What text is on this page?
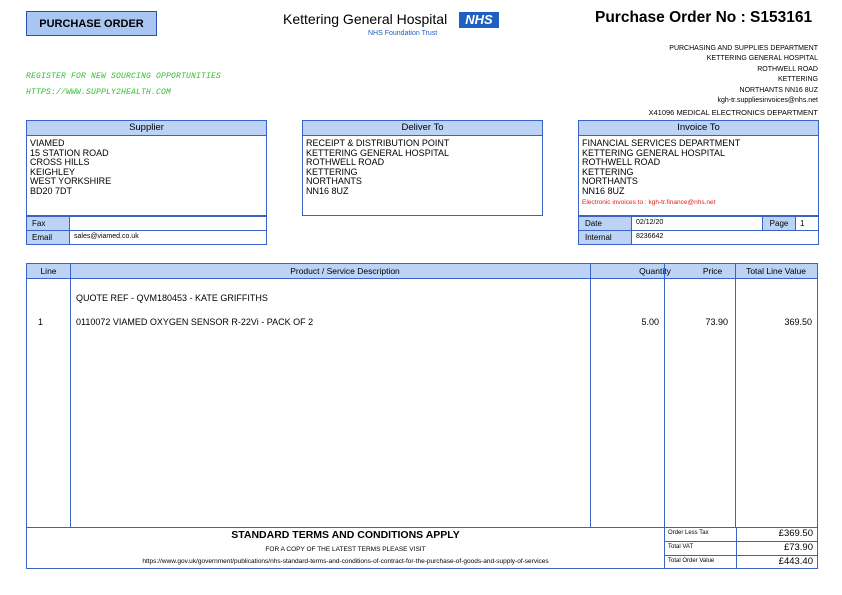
PURCHASE ORDER	Kettering General Hospital	NHS
NHS Foundation Trust
Purchase Order No : S153161
PURCHASING AND SUPPLIES DEPARTMENT
KETTERING GENERAL HOSPITAL
ROTHWELL ROAD
KETTERING
NORTHANTS NN16 8UZ
kgh-tr.suppliesinvoices@nhs.net
REGISTER FOR NEW SOURCING OPPORTUNITIES
HTTPS://WWW.SUPPLY2HEALTH.COM
X41096 MEDICAL ELECTRONICS DEPARTMENT
Supplier
VIAMED
15 STATION ROAD
CROSS HILLS
KEIGHLEY
WEST YORKSHIRE
BD20 7DT
Fax
Email	sales@viamed.co.uk
Deliver To
RECEIPT & DISTRIBUTION POINT
KETTERING GENERAL HOSPITAL
ROTHWELL ROAD
KETTERING
NORTHANTS
NN16 8UZ
Invoice To
FINANCIAL SERVICES DEPARTMENT
KETTERING GENERAL HOSPITAL
ROTHWELL ROAD
KETTERING
NORTHANTS
NN16 8UZ
Electronic invoices to : kgh-tr.finance@nhs.net
Date	02/12/20	Page	1
Internal	8236642
Line	Product / Service Description	Quantity	Price	Total Line Value
QUOTE REF - QVM180453 - KATE GRIFFITHS
1	0110072 VIAMED OXYGEN SENSOR R-22Vi - PACK OF 2	5.00	73.90	369.50
STANDARD TERMS AND CONDITIONS APPLY
FOR A COPY OF THE LATEST TERMS PLEASE VISIT
https://www.gov.uk/government/publications/nhs-standard-terms-and-conditions-of-contract-for-the-purchase-of-goods-and-supply-of-services
Order Less Tax	£369.50
Total VAT	£73.90
Total Order Value	£443.40
